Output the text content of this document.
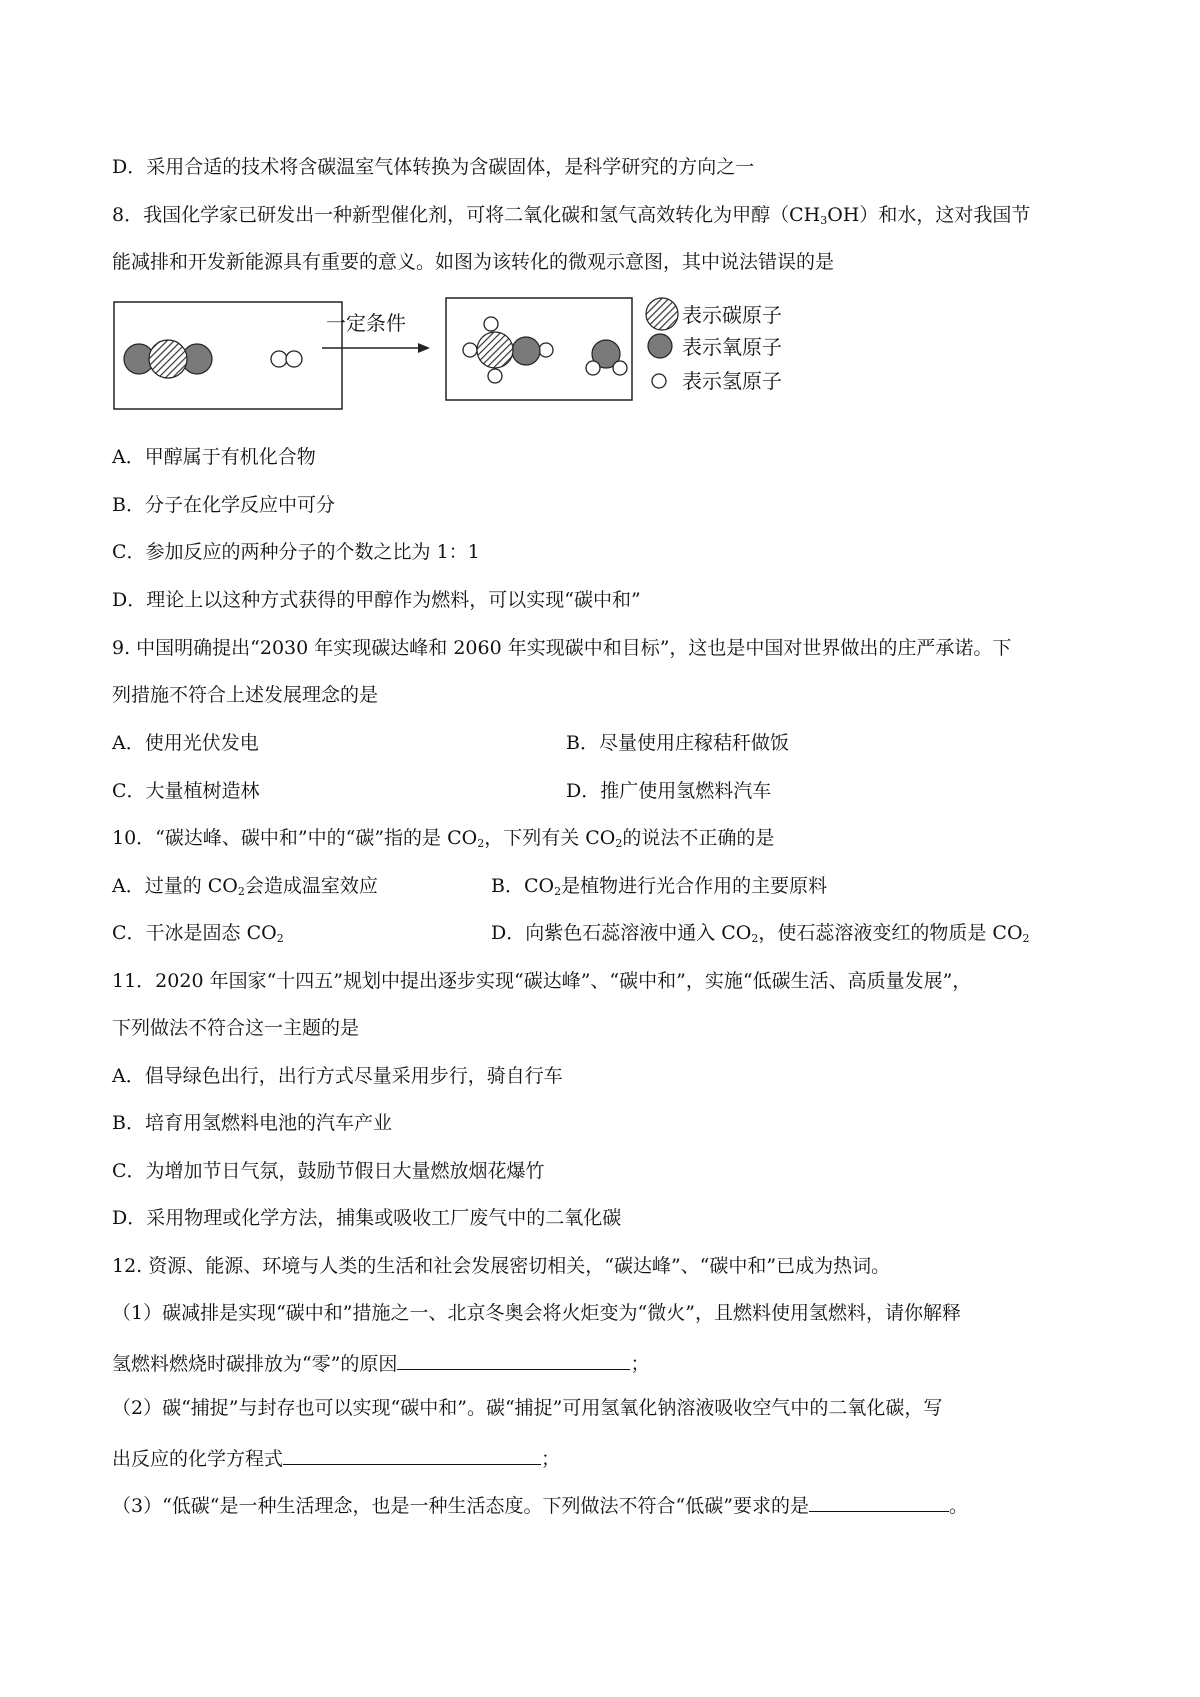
D．采用合适的技术将含碳温室气体转换为含碳固体，是科学研究的方向之一
8．我国化学家已研发出一种新型催化剂，可将二氧化碳和氢气高效转化为甲醇$(CH_3OH)$和水，这对我国节
能减排和开发新能源具有重要的意义。如图为该转化的微观示意图，其中说法错误的是
一定条件	表示碳原子
表示氧原子
表示氢原子
A．甲醇属于有机化合物
B．分子在化学反应中可分
C．参加反应的两种分子的个数之比为 1：1
D．理论上以这种方式获得的甲醇作为燃料，可以实现“碳中和”
9. 中国明确提出“2030 年实现碳达峰和 2060 年实现碳中和目标”，这也是中国对世界做出的庄严承诺。下
列措施不符合上述发展理念的是
A．使用光伏发电	B．尽量使用庄稼秸秆做饭
C．大量植树造林	D．推广使用氢燃料汽车
10．“碳达峰、碳中和”中的“碳”指的是 $CO_2$，下列有关 $CO_2$的说法不正确的是
A．过量的 $CO_2$会造成温室效应	B．$CO_2$是植物进行光合作用的主要原料
C．干冰是固态 $CO_2$	D．向紫色石蕊溶液中通入 $CO_2$，使石蕊溶液变红的物质是 $CO_2$
11．2020 年国家“十四五”规划中提出逐步实现“碳达峰”、“碳中和”，实施“低碳生活、高质量发展”，
下列做法不符合这一主题的是
A．倡导绿色出行，出行方式尽量采用步行，骑自行车
B．培育用氢燃料电池的汽车产业
C．为增加节日气氛，鼓励节假日大量燃放烟花爆竹
D．采用物理或化学方法，捕集或吸收工厂废气中的二氧化碳
12. 资源、能源、环境与人类的生活和社会发展密切相关，“碳达峰”、“碳中和”已成为热词。
（1）碳减排是实现“碳中和”措施之一、北京冬奥会将火炬变为“微火”，且燃料使用氢燃料，请你解释
氢燃料燃烧时碳排放为“零”的原因	；
（2）碳“捕捉”与封存也可以实现“碳中和”。碳“捕捉”可用氢氧化钠溶液吸收空气中的二氧化碳，写
出反应的化学方程式	；
（3）“低碳“是一种生活理念，也是一种生活态度。下列做法不符合“低碳”要求的是	。
